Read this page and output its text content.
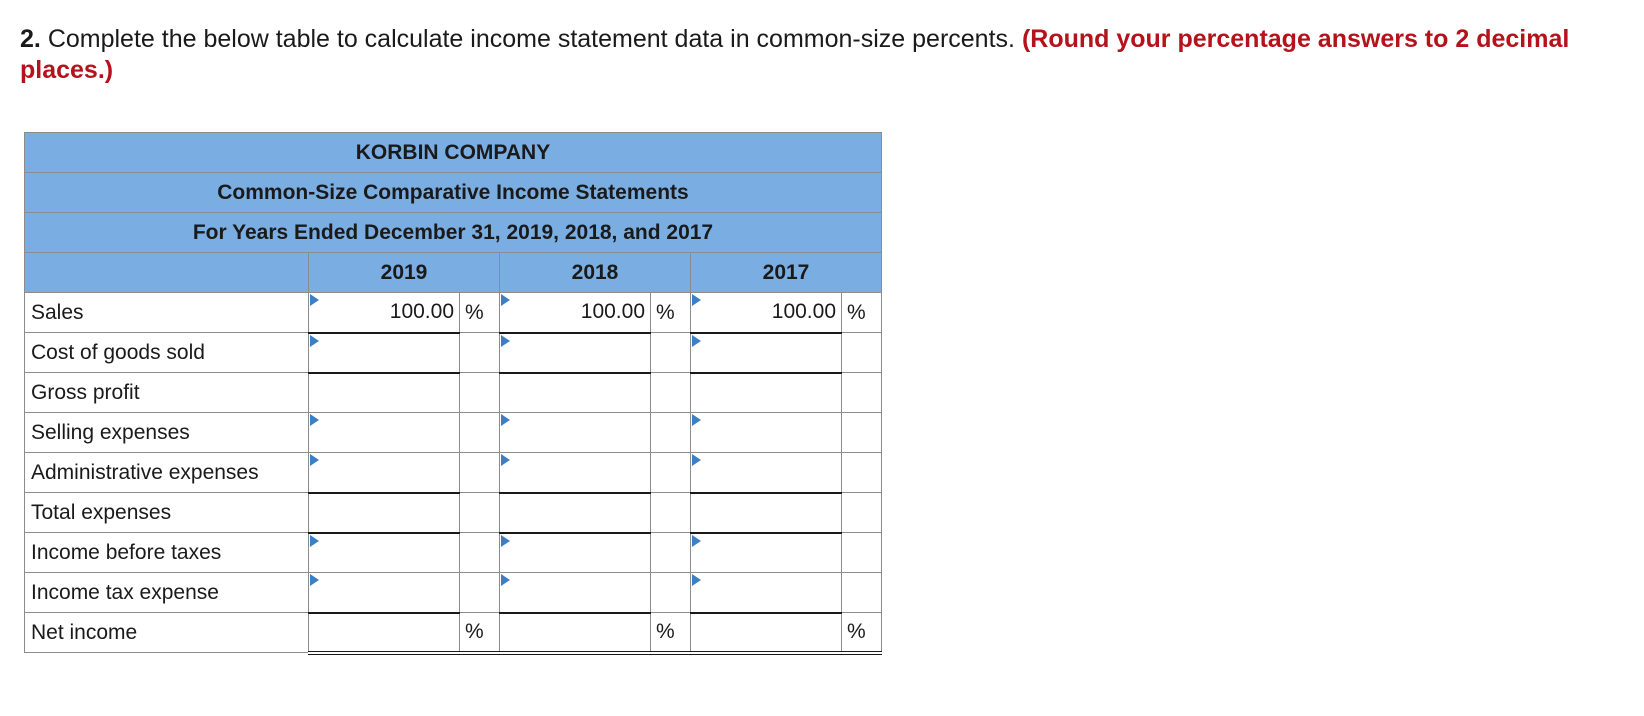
2. Complete the below table to calculate income statement data in common-size percents. (Round your percentage answers to 2 decimal places.)
KORBIN COMPANY						
Common-Size Comparative Income Statements						
For Years Ended December 31, 2019, 2018, and 2017						
	2019		2018		2017	
Sales	100.00	%	100.00	%	100.00	%
Cost of goods sold	

Gross profit	

Selling expenses	

Administrative expenses	

Total expenses	

Income before taxes	

Income tax expense	

Net income		%		%		%
